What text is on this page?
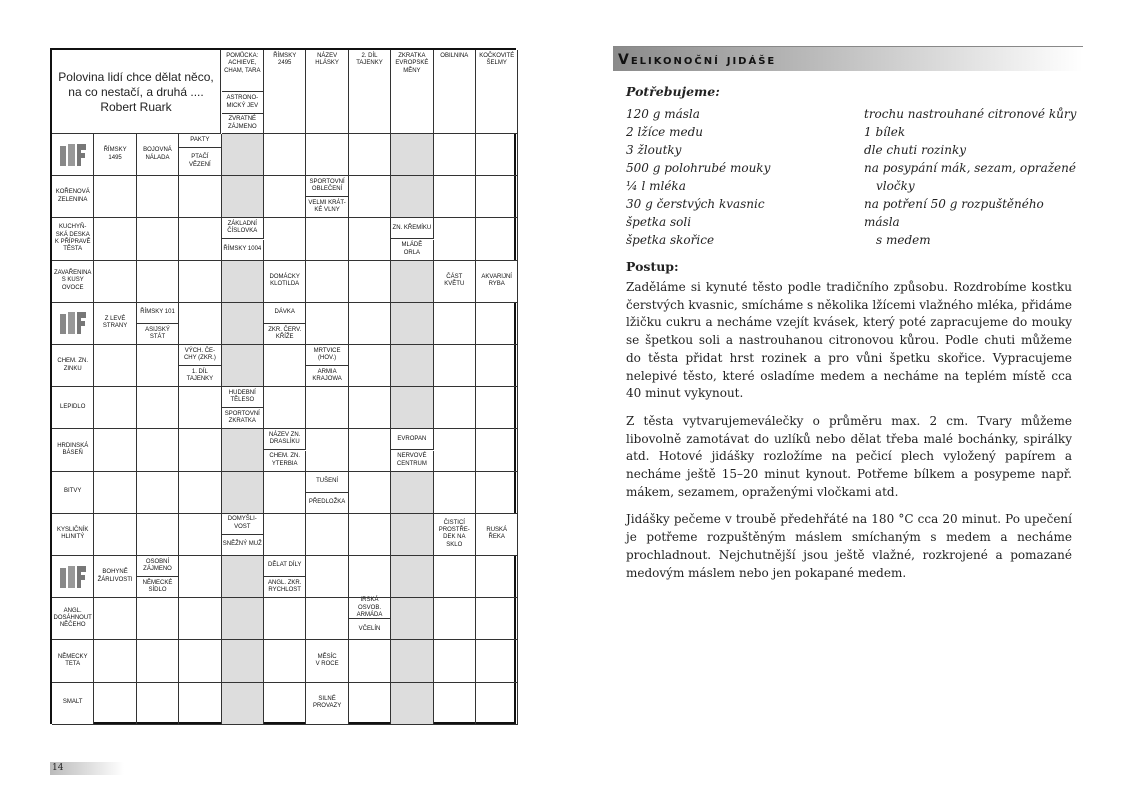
Polovina lidí chce dělat něco,
na co nestačí, a druhá ....
Robert Ruark
POMŮCKA:
ACHIEVE,
CHAM, TARA
ŘÍMSKY
2495
NÁZEV
HLÁSKY
2. DÍL
TAJENKY
ZKRATKA
EVROPSKÉ
MĚNY
OBILNINA KOČKOVITÉ
ŠELMY
ASTRONO-
MICKÝ JEV
ZVRATNÉ
ZÁJMENO
ŘÍMSKY
1495
BOJOVNÁ
NÁLADA
PAKTY
PTAČÍ
VĚZENÍ
KOŘENOVÁ
ZELENINA
KUCHYŇ-
SKÁ DESKA
K PŘÍPRAVĚ
TĚSTA
ZAVAŘENINA
S KUSY
OVOCE
CHEM. ZN.
ZINKU
LEPIDLO
HRDINSKÁ
BÁSEŇ
BITVY
KYSLIČNÍK
HLINITÝ
ANGL.
DOSÁHNOUT
NĚČEHO
NĚMECKY
TETA
SMALT
SPORTOVNÍ
OBLEČENÍ
VELMI KRÁT-
KÉ VLNY
ZÁKLADNÍ
ČÍSLOVKA
ŘÍMSKY 1004
ZN. KŘEMÍKU
MLÁDĚ
ORLA
DOMÁCKY
KLOTILDA
ČÁST
KVĚTU
AKVARIJNÍ
RYBA
Z LEVÉ
STRANY
ŘÍMSKY 101
ASIJSKÝ
STÁT
DÁVKA
ZKR. ČERV.
KŘÍŽE
VÝCH. ČE-
CHY (ZKR.)
1. DÍL
TAJENKY
MRTVICE
(HOV.)
ARMIA
KRAJOWA
HUDEBNÍ
TĚLESO
SPORTOVNÍ
ZKRATKA
NÁZEV ZN.
DRASLÍKU
CHEM. ZN.
YTERBIA
EVROPAN
NERVOVÉ
CENTRUM
TUŠENÍ
PŘEDLOŽKA
DOMYŠLI-
VOST
SNĚŽNÝ MUŽ
ČISTICÍ
PROSTŘE-
DEK NA
SKLO
RUSKÁ
ŘEKA
BOHYNĚ
ŽÁRLIVOSTI
OSOBNÍ
ZÁJMENO
NĚMECKÉ
SÍDLO
DĚLAT DÍLY
ANGL. ZKR.
RYCHLOST
IRSKÁ
OSVOB.
ARMÁDA
VČELÍN
MĚSÍC
V ROCE
SILNÉ
PROVAZY
14
Velikonoční jidáše
Potřebujeme:
120 g másla
2 lžíce medu
3 žloutky
500 g polohrubé mouky
¼ l mléka
30 g čerstvých kvasnic
špetka soli
špetka skořice
trochu nastrouhané citronové kůry
1 bílek
dle chuti rozinky
na posypání mák, sezam, opražené
vločky
na potření 50 g rozpuštěného másla
s medem
Postup:

Zaděláme si kynuté těsto podle tradičního způsobu. Rozdrobíme kostku čerstvých kvasnic, smícháme s několika lžícemi vlažného mléka, přidáme lžičku cukru a necháme vzejít kvásek, který poté zapracujeme do mouky se špetkou soli a nastrouhanou citronovou kůrou. Podle chuti můžeme do těsta přidat hrst rozinek a pro vůni špetku skořice. Vypracujeme nelepivé těsto, které osladíme medem a necháme na teplém místě cca 40 minut vykynout.

Z těsta vytvarujemeválečky o průměru max. 2 cm. Tvary můžeme libovolně zamotávat do uzlíků nebo dělat třeba malé bochánky, spirálky atd. Hotové jidášky rozložíme na pečicí plech vyložený papírem a necháme ještě 15–20 minut kynout. Potřeme bílkem a posypeme např. mákem, sezamem, opraženými vločkami atd.

Jidášky pečeme v troubě předehřáté na 180 °C cca 20 minut. Po upečení je potřeme rozpuštěným máslem smíchaným s medem a necháme prochladnout. Nejchutnější jsou ještě vlažné, rozkrojené a pomazané medovým máslem nebo jen pokapané medem.
